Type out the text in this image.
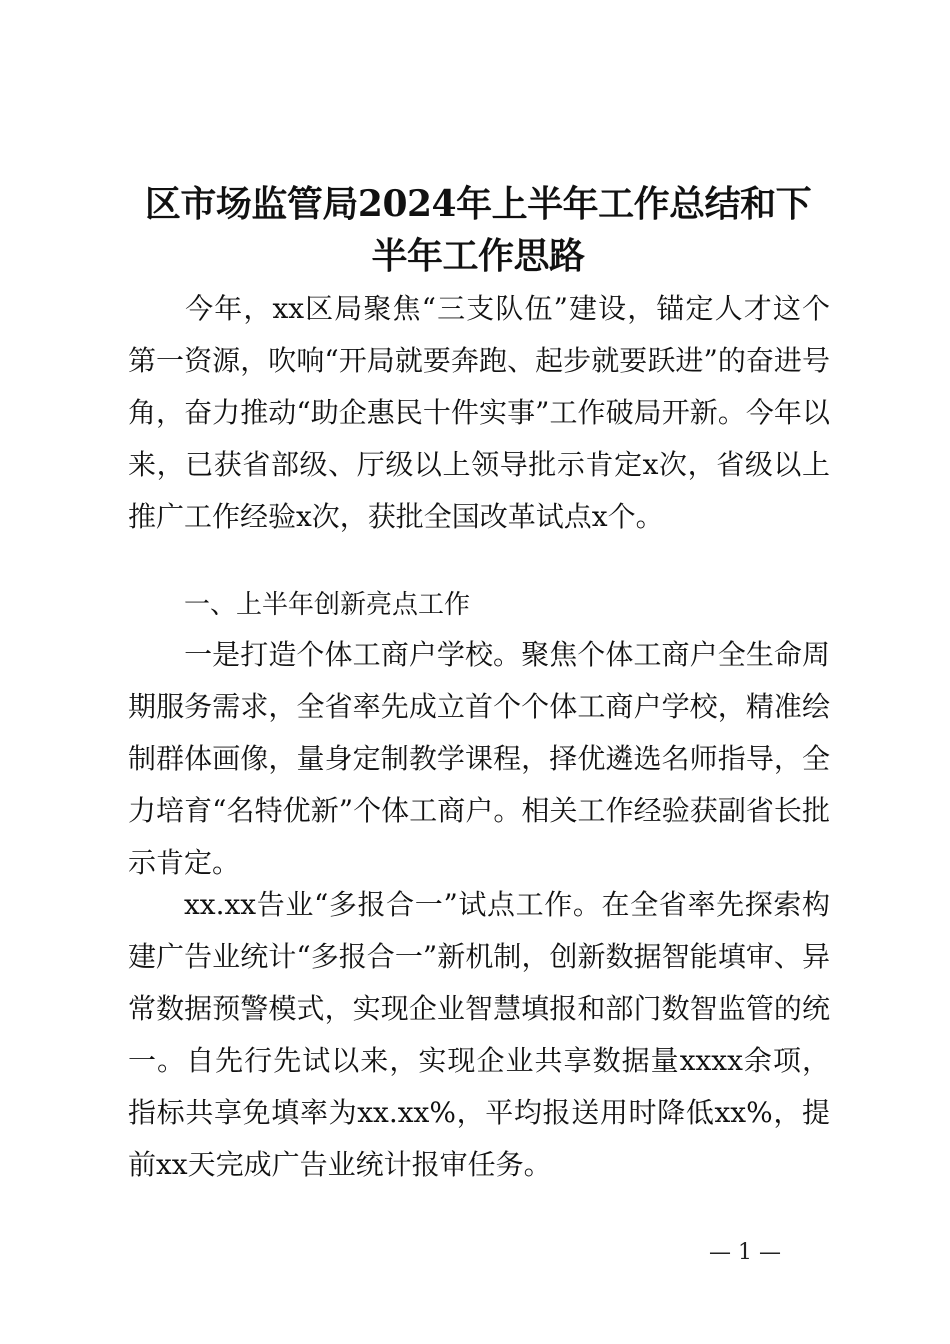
区市场监管局2024年上半年工作总结和下半年工作思路

今年，xx区局聚焦“三支队伍”建设，锚定人才这个第一资源，吹响“开局就要奔跑、起步就要跃进”的奋进号角，奋力推动“助企惠民十件实事”工作破局开新。今年以来，已获省部级、厅级以上领导批示肯定x次，省级以上推广工作经验x次，获批全国改革试点x个。

一、上半年创新亮点工作

一是打造个体工商户学校。聚焦个体工商户全生命周期服务需求，全省率先成立首个个体工商户学校，精准绘制群体画像，量身定制教学课程，择优遴选名师指导，全力培育“名特优新”个体工商户。相关工作经验获副省长批示肯定。

xx.xx告业“多报合一”试点工作。在全省率先探索构建广告业统计“多报合一”新机制，创新数据智能填审、异常数据预警模式，实现企业智慧填报和部门数智监管的统一。自先行先试以来，实现企业共享数据量xxxx余项，指标共享免填率为xx.xx%，平均报送用时降低xx%，提前xx天完成广告业统计报审任务。

— 1 —
